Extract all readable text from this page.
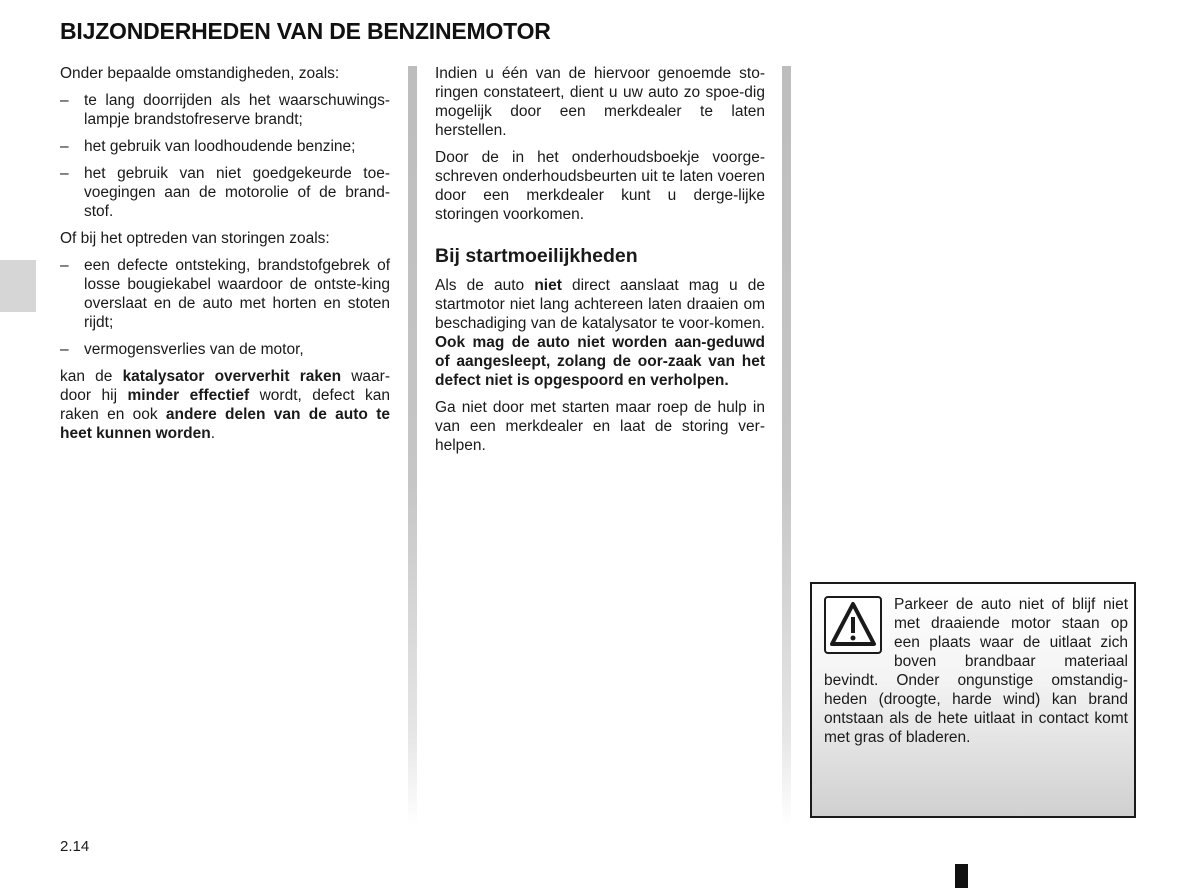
BIJZONDERHEDEN VAN DE BENZINEMOTOR

Onder bepaalde omstandigheden, zoals:

– te lang doorrijden als het waarschuwings-lampje brandstofreserve brandt;
– het gebruik van loodhoudende benzine;
– het gebruik van niet goedgekeurde toe-voegingen aan de motorolie of de brand-stof.

Of bij het optreden van storingen zoals:

– een defecte ontsteking, brandstofgebrek of losse bougiekabel waardoor de ontste-king overslaat en de auto met horten en stoten rijdt;
– vermogensverlies van de motor,

kan de katalysator oververhit raken waar-door hij minder effectief wordt, defect kan raken en ook andere delen van de auto te heet kunnen worden.

Indien u één van de hiervoor genoemde sto-ringen constateert, dient u uw auto zo spoe-dig mogelijk door een merkdealer te laten herstellen.

Door de in het onderhoudsboekje voorge-schreven onderhoudsbeurten uit te laten voeren door een merkdealer kunt u derge-lijke storingen voorkomen.

Bij startmoeilijkheden

Als de auto niet direct aanslaat mag u de startmotor niet lang achtereen laten draaien om beschadiging van de katalysator te voor-komen. Ook mag de auto niet worden aan-geduwd of aangesleept, zolang de oor-zaak van het defect niet is opgespoord en verholpen.

Ga niet door met starten maar roep de hulp in van een merkdealer en laat de storing ver-helpen.

Parkeer de auto niet of blijf niet met draaiende motor staan op een plaats waar de uitlaat zich boven brandbaar materiaal bevindt. Onder ongunstige omstandig-heden (droogte, harde wind) kan brand ontstaan als de hete uitlaat in contact komt met gras of bladeren.
2.14
